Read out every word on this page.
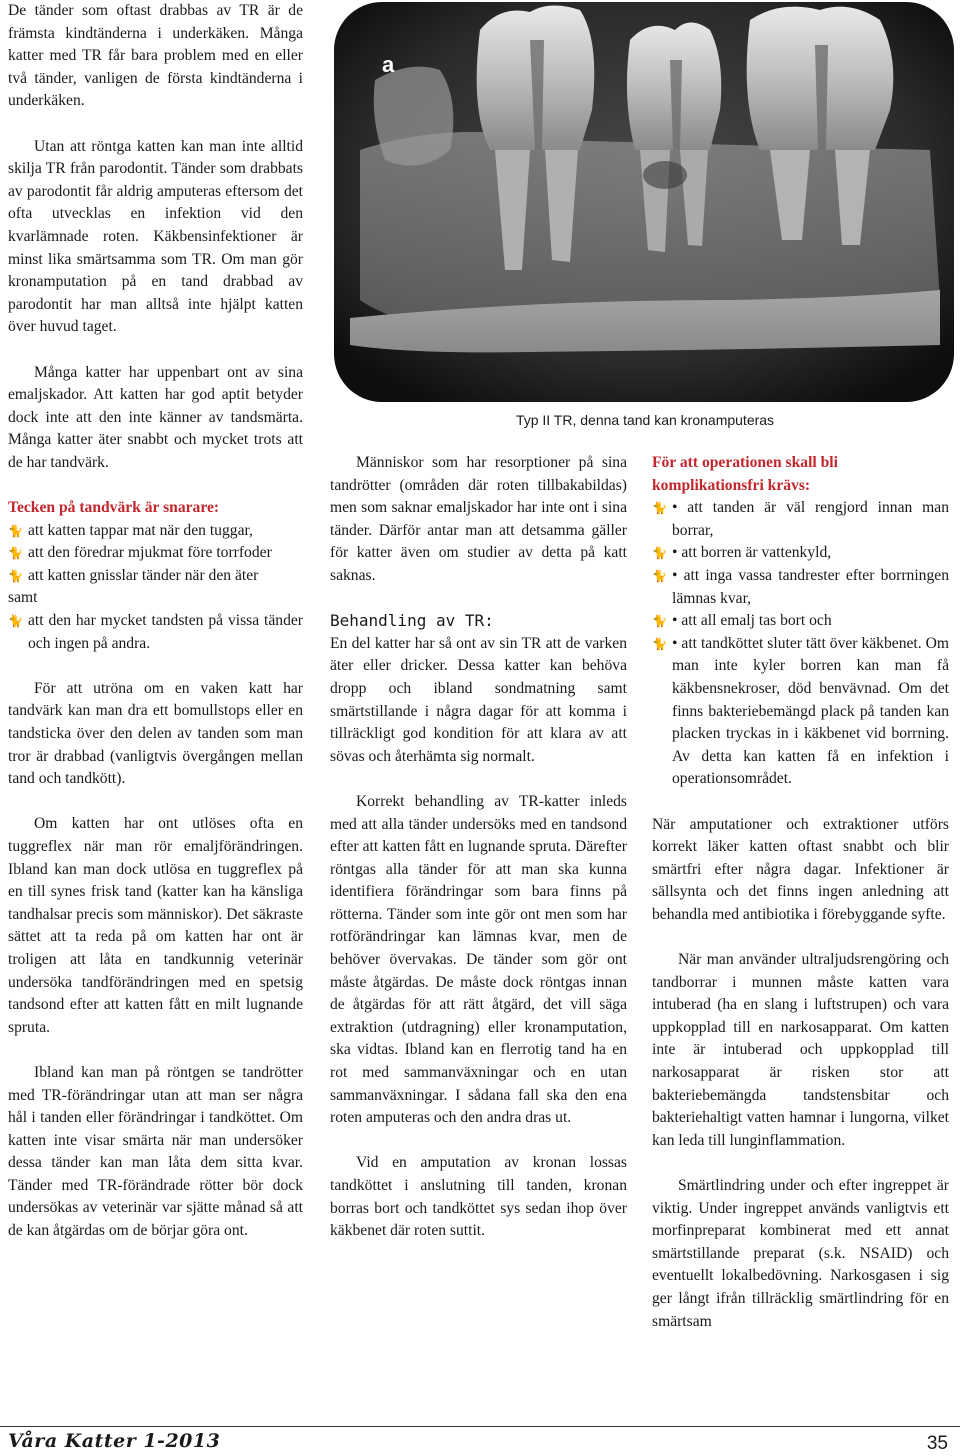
a
Typ II TR, denna tand kan kronamputeras

De tänder som oftast drabbas av TR är de främsta kindtänderna i underkäken. Många katter med TR får bara problem med en eller två tänder, vanligen de första kindtänderna i underkäken.

Utan att röntga katten kan man inte alltid skilja TR från parodontit. Tänder som drabbats av parodontit får aldrig amputeras eftersom det ofta utvecklas en infektion vid den kvarlämnade roten. Käkbensinfektioner är minst lika smärtsamma som TR. Om man gör kronamputation på en tand drabbad av parodontit har man alltså inte hjälpt katten över huvud taget.

Många katter har uppenbart ont av sina emaljskador. Att katten har god aptit betyder dock inte att den inte känner av tandsmärta. Många katter äter snabbt och mycket trots att de har tandvärk.

Tecken på tandvärk är snarare:

🐈 att katten tappar mat när den tuggar,
🐈 att den föredrar mjukmat före torrfoder
🐈 att katten gnisslar tänder när den äter

samt

🐈 att den har mycket tandsten på vissa tänder och ingen på andra.

För att utröna om en vaken katt har tandvärk kan man dra ett bomullstops eller en tandsticka över den delen av tanden som man tror är drabbad (vanligtvis övergången mellan tand och tandkött).

Om katten har ont utlöses ofta en tuggreflex när man rör emaljförändringen. Ibland kan man dock utlösa en tuggreflex på en till synes frisk tand (katter kan ha känsliga tandhalsar precis som människor). Det säkraste sättet att ta reda på om katten har ont är troligen att låta en tandkunnig veterinär undersöka tandförändringen med en spetsig tandsond efter att katten fått en milt lugnande spruta.

Ibland kan man på röntgen se tandrötter med TR-förändringar utan att man ser några hål i tanden eller förändringar i tandköttet. Om katten inte visar smärta när man undersöker dessa tänder kan man låta dem sitta kvar. Tänder med TR-förändrade rötter bör dock undersökas av veterinär var sjätte månad så att de kan åtgärdas om de börjar göra ont.

Människor som har resorptioner på sina tandrötter (områden där roten tillbakabildas) men som saknar emaljskador har inte ont i sina tänder. Därför antar man att detsamma gäller för katter även om studier av detta på katt saknas.

Behandling av TR:

En del katter har så ont av sin TR att de varken äter eller dricker. Dessa katter kan behöva dropp och ibland sondmatning samt smärtstillande i några dagar för att komma i tillräckligt god kondition för att klara av att sövas och återhämta sig normalt.

Korrekt behandling av TR-katter inleds med att alla tänder undersöks med en tandsond efter att katten fått en lugnande spruta. Därefter röntgas alla tänder för att man ska kunna identifiera förändringar som bara finns på rötterna. Tänder som inte gör ont men som har rotförändringar kan lämnas kvar, men de behöver övervakas. De tänder som gör ont måste åtgärdas. De måste dock röntgas innan de åtgärdas för att rätt åtgärd, det vill säga extraktion (utdragning) eller kronamputation, ska vidtas. Ibland kan en flerrotig tand ha en rot med sammanväxningar och en utan sammanväxningar. I sådana fall ska den ena roten amputeras och den andra dras ut.

Vid en amputation av kronan lossas tandköttet i anslutning till tanden, kronan borras bort och tandköttet sys sedan ihop över käkbenet där roten suttit.

För att operationen skall bli komplikationsfri krävs:

🐈 • att tanden är väl rengjord innan man borrar,
🐈 • att borren är vattenkyld,
🐈 • att inga vassa tandrester efter borrningen lämnas kvar,
🐈 • att all emalj tas bort och
🐈 • att tandköttet sluter tätt över käkbenet. Om man inte kyler borren kan man få käkbensnekroser, död benvävnad. Om det finns bakteriebemängd plack på tanden kan placken tryckas in i käkbenet vid borrning. Av detta kan katten få en infektion i operationsområdet.

När amputationer och extraktioner utförs korrekt läker katten oftast snabbt och blir smärtfri efter några dagar. Infektioner är sällsynta och det finns ingen anledning att behandla med antibiotika i förebyggande syfte.

När man använder ultraljudsrengöring och tandborrar i munnen måste katten vara intuberad (ha en slang i luftstrupen) och vara uppkopplad till en narkosapparat. Om katten inte är intuberad och uppkopplad till narkosapparat är risken stor att bakteriebemängda tandstensbitar och bakteriehaltigt vatten hamnar i lungorna, vilket kan leda till lunginflammation.

Smärtlindring under och efter ingreppet är viktig. Under ingreppet används vanligtvis ett morfinpreparat kombinerat med ett annat smärtstillande preparat (s.k. NSAID) och eventuellt lokalbedövning. Narkosgasen i sig ger långt ifrån tillräcklig smärtlindring för en smärtsam

Våra Katter 1-2013	35
